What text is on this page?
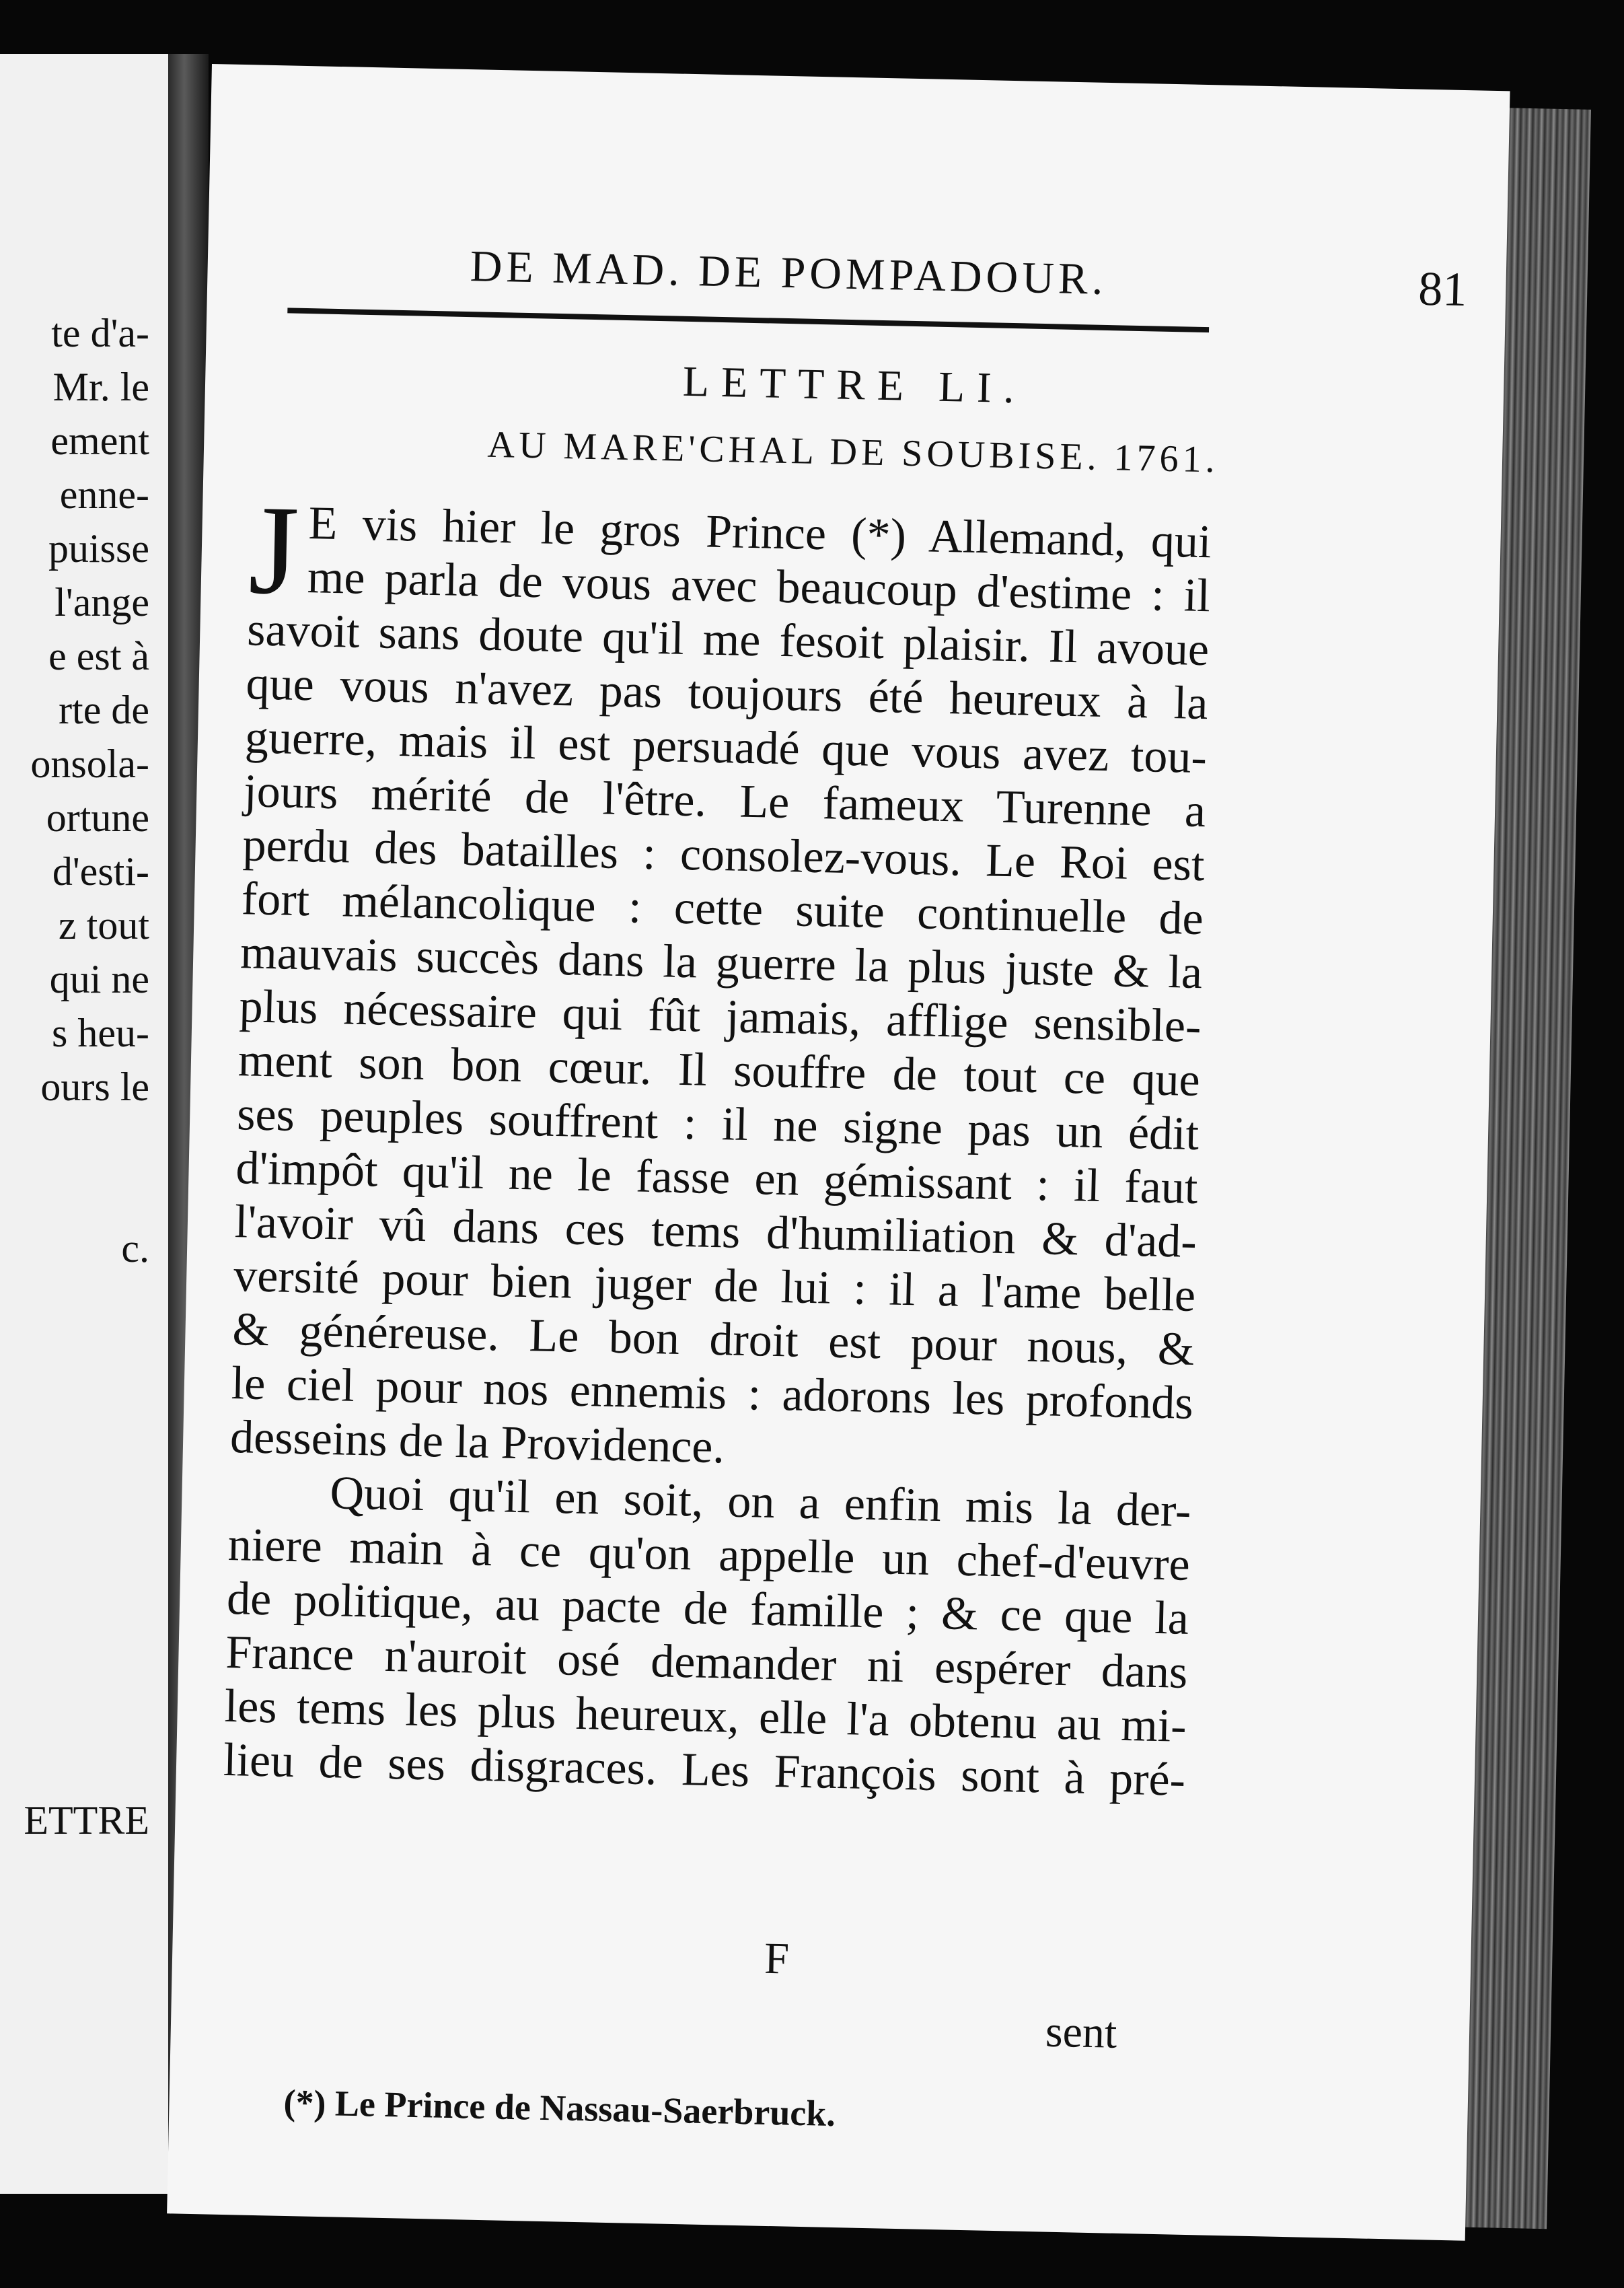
te d'a-

Mr. le

ement

enne-

puisse

l'ange

e est à

rte de

onsola-

ortune

d'esti-

z tout

qui ne

s heu-

ours le

c.

ETTRE

DE MAD. DE POMPADOUR.	81
LETTRE LI.
AU MARE'CHAL DE SOUBISE. 1761.
J E vis hier le gros Prince (*) Allemand, qui
me parla de vous avec beaucoup d'estime : il
savoit sans doute qu'il me fesoit plaisir. Il avoue
que vous n'avez pas toujours été heureux à la
guerre, mais il est persuadé que vous avez tou-
jours mérité de l'être. Le fameux Turenne a
perdu des batailles : consolez-vous. Le Roi est
fort mélancolique : cette suite continuelle de
mauvais succès dans la guerre la plus juste & la
plus nécessaire qui fût jamais, afflige sensible-
ment son bon cœur. Il souffre de tout ce que
ses peuples souffrent : il ne signe pas un édit
d'impôt qu'il ne le fasse en gémissant : il faut
l'avoir vû dans ces tems d'humiliation & d'ad-
versité pour bien juger de lui : il a l'ame belle
& généreuse. Le bon droit est pour nous, &
le ciel pour nos ennemis : adorons les profonds
desseins de la Providence.
Quoi qu'il en soit, on a enfin mis la der-
niere main à ce qu'on appelle un chef-d'euvre
de politique, au pacte de famille ; & ce que la
France n'auroit osé demander ni espérer dans
les tems les plus heureux, elle l'a obtenu au mi-
lieu de ses disgraces. Les François sont à pré-
F
sent

(*) Le Prince de Nassau-Saerbruck.
